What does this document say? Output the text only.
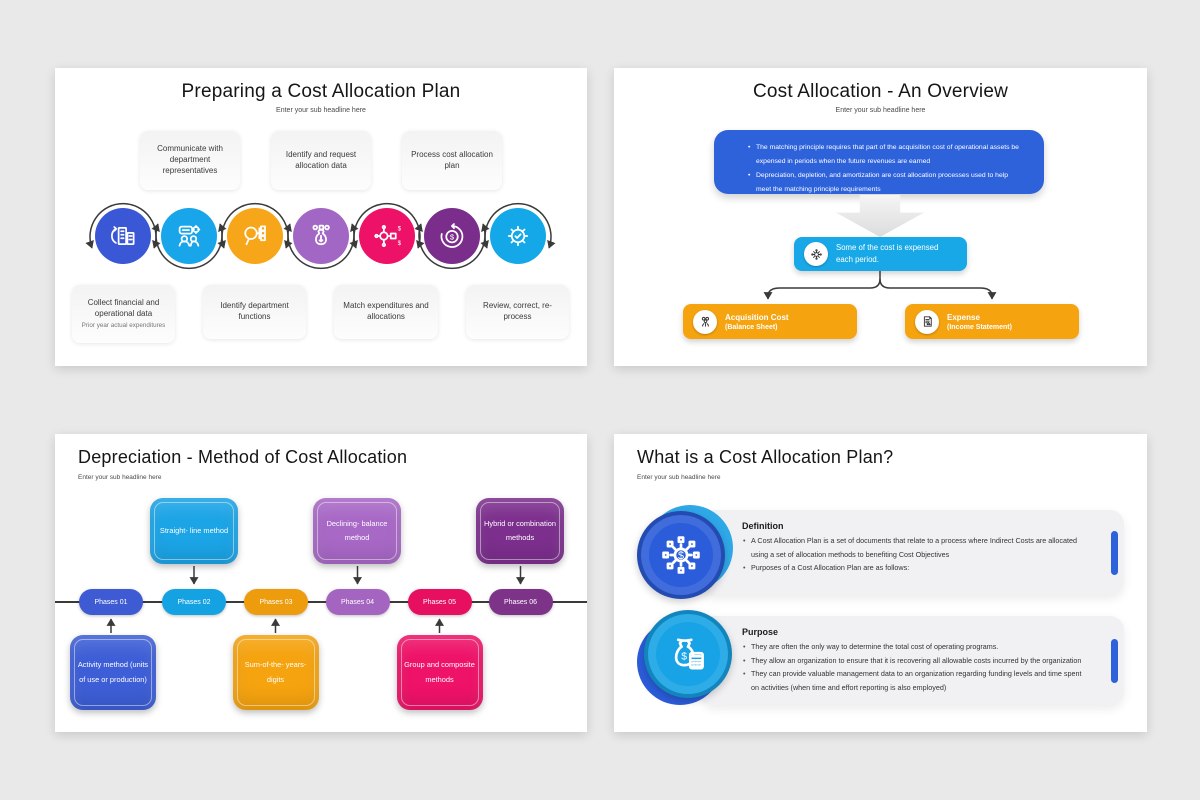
Preparing a Cost Allocation Plan
Enter your sub headline here
Communicate with department representatives
Identify and request allocation data
Process cost allocation plan
$
$
$
Collect financial and operational data
Prior year actual expenditures
Identify department functions
Match expenditures and allocations
Review, correct, re-process
Cost Allocation - An Overview
Enter your sub headline here
• The matching principle requires that part of the acquisition cost of operational assets be expensed in periods when the future revenues are earned
• Depreciation, depletion, and amortization are cost allocation processes used to help meet the matching principle requirements
Some of the cost is expensed each period.
Acquisition Cost
(Balance Sheet)
Expense
(Income Statement)
Depreciation - Method of Cost Allocation
Enter your sub headline here
Straight- line method
Declining- balance method
Hybrid or combination methods
Phases 01	Phases 02	Phases 03	Phases 04	Phases 05	Phases 06
Activity method (units of use or production)
Sum-of-the- years- digits
Group and composite methods
What is a Cost Allocation Plan?
Enter your sub headline here
Definition
• A Cost Allocation Plan is a set of documents that relate to a process where Indirect Costs are allocated using a set of allocation methods to benefiting Cost Objectives
• Purposes of a Cost Allocation Plan are as follows:
$
Purpose
• They are often the only way to determine the total cost of operating programs.
• They allow an organization to ensure that it is recovering all allowable costs incurred by the organization
• They can provide valuable management data to an organization regarding funding levels and time spent on activities (when time and effort reporting is also employed)
$
